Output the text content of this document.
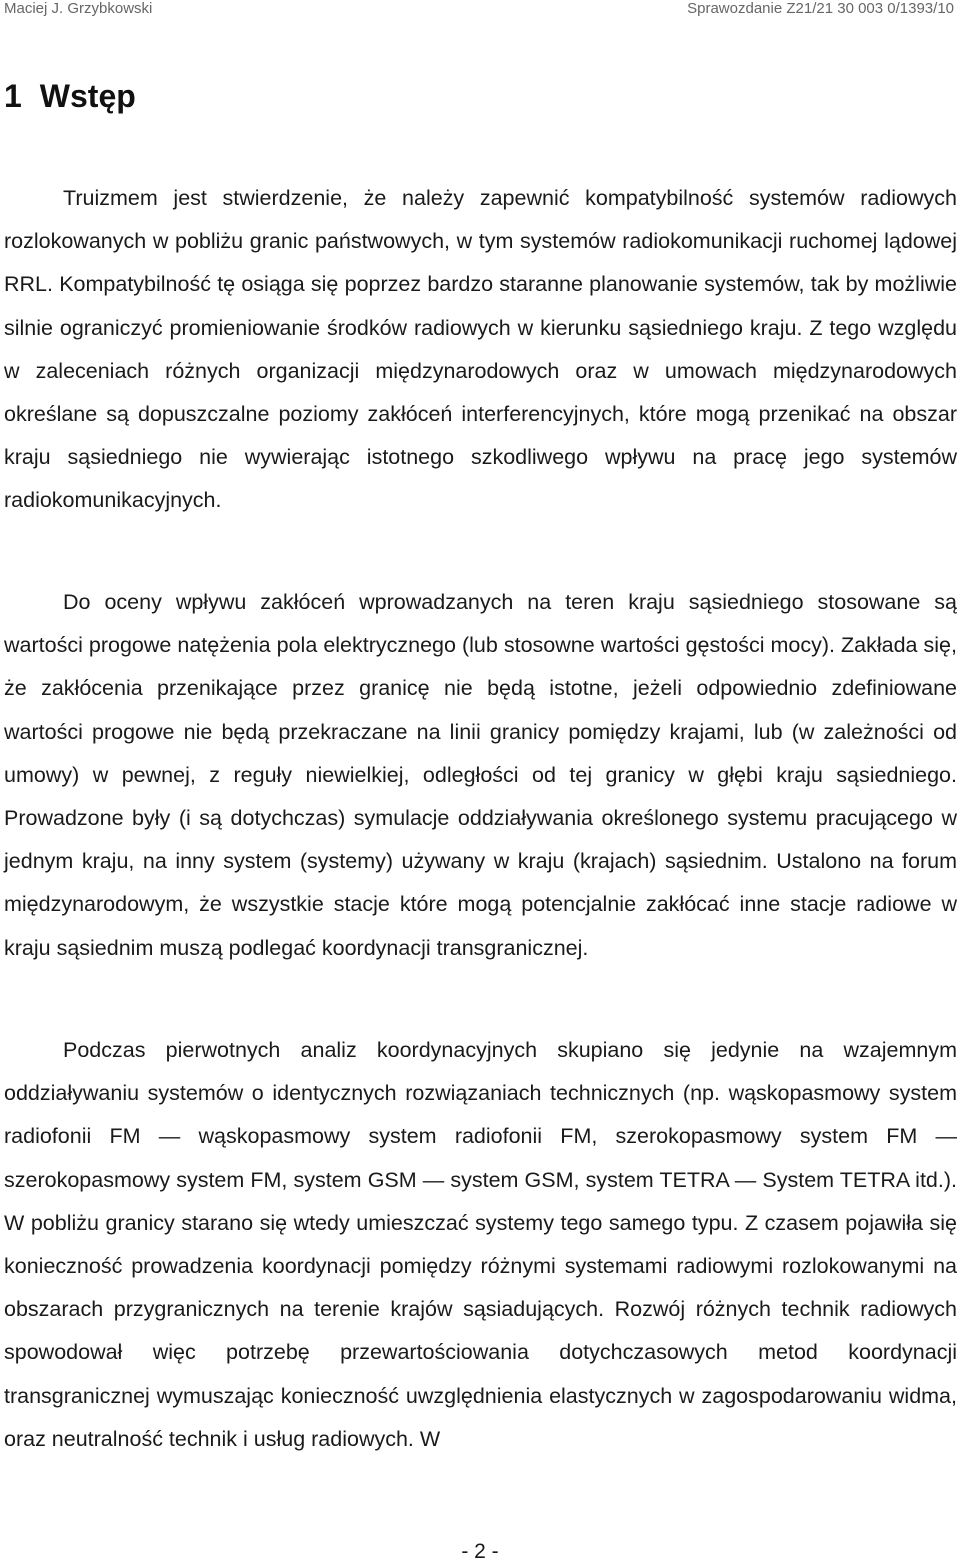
Maciej J. Grzybkowski	Sprawozdanie Z21/21 30 003 0/1393/10
1 Wstęp

Truizmem jest stwierdzenie, że należy zapewnić kompatybilność systemów radiowych rozlokowanych w pobliżu granic państwowych, w tym systemów radiokomunikacji ruchomej lądowej RRL. Kompatybilność tę osiąga się poprzez bardzo staranne planowanie systemów, tak by możliwie silnie ograniczyć promieniowanie środków radiowych w kierunku sąsiedniego kraju. Z tego względu w zaleceniach różnych organizacji międzynarodowych oraz w umowach międzynarodowych określane są dopuszczalne poziomy zakłóceń interferencyjnych, które mogą przenikać na obszar kraju sąsiedniego nie wywierając istotnego szkodliwego wpływu na pracę jego systemów radiokomunikacyjnych.

Do oceny wpływu zakłóceń wprowadzanych na teren kraju sąsiedniego stosowane są wartości progowe natężenia pola elektrycznego (lub stosowne wartości gęstości mocy). Zakłada się, że zakłócenia przenikające przez granicę nie będą istotne, jeżeli odpowiednio zdefiniowane wartości progowe nie będą przekraczane na linii granicy pomiędzy krajami, lub (w zależności od umowy) w pewnej, z reguły niewielkiej, odległości od tej granicy w głębi kraju sąsiedniego. Prowadzone były (i są dotychczas) symulacje oddziaływania określonego systemu pracującego w jednym kraju, na inny system (systemy) używany w kraju (krajach) sąsiednim. Ustalono na forum międzynarodowym, że wszystkie stacje które mogą potencjalnie zakłócać inne stacje radiowe w kraju sąsiednim muszą podlegać koordynacji transgranicznej.

Podczas pierwotnych analiz koordynacyjnych skupiano się jedynie na wzajemnym oddziaływaniu systemów o identycznych rozwiązaniach technicznych (np. wąskopasmowy system radiofonii FM — wąskopasmowy system radiofonii FM, szerokopasmowy system FM — szerokopasmowy system FM, system GSM — system GSM, system TETRA — System TETRA itd.). W pobliżu granicy starano się wtedy umieszczać systemy tego samego typu. Z czasem pojawiła się konieczność prowadzenia koordynacji pomiędzy różnymi systemami radiowymi rozlokowanymi na obszarach przygranicznych na terenie krajów sąsiadujących. Rozwój różnych technik radiowych spowodował więc potrzebę przewartościowania dotychczasowych metod koordynacji transgranicznej wymuszając konieczność uwzględnienia elastycznych w zagospodarowaniu widma, oraz neutralność technik i usług radiowych. W

- 2 -
